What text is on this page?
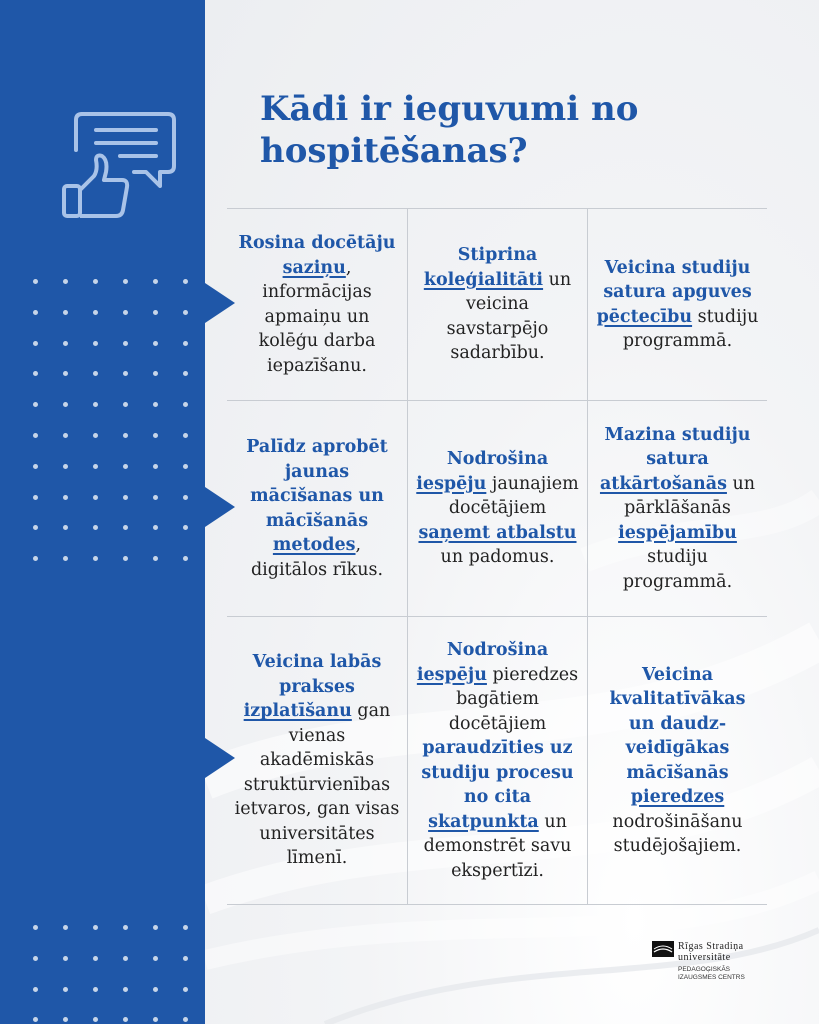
Kādi ir ieguvumi no hospitēšanas?

Rosina docētāju saziņu, informācijas apmaiņu un kolēģu darba iepazīšanu.

Stiprina koleģialitāti un veicina savstarpējo sadarbību.

Veicina studiju satura apguves pēctecību studiju programmā.

Palīdz aprobēt jaunas mācīšanas un mācīšanās metodes, digitālos rīkus.

Nodrošina iespēju jaunajiem docētājiem saņemt atbalstu un padomus.

Mazina studiju satura atkārtošanās un pārklāšanās iespējamību studiju programmā.

Veicina labās prakses izplatīšanu gan vienas akadēmiskās struktūrvienības ietvaros, gan visas universitātes līmenī.

Nodrošina iespēju pieredzes bagātiem docētājiem paraudzīties uz studiju procesu no cita skatpunkta un demonstrēt savu ekspertīzi.

Veicina kvalitatīvākas un daudzveidīgākas mācīšanās pieredzes nodrošināšanu studējošajiem.

Rīgas Stradiņa
universitāte
PEDAGOĢISKĀS
IZAUGSMES CENTRS
